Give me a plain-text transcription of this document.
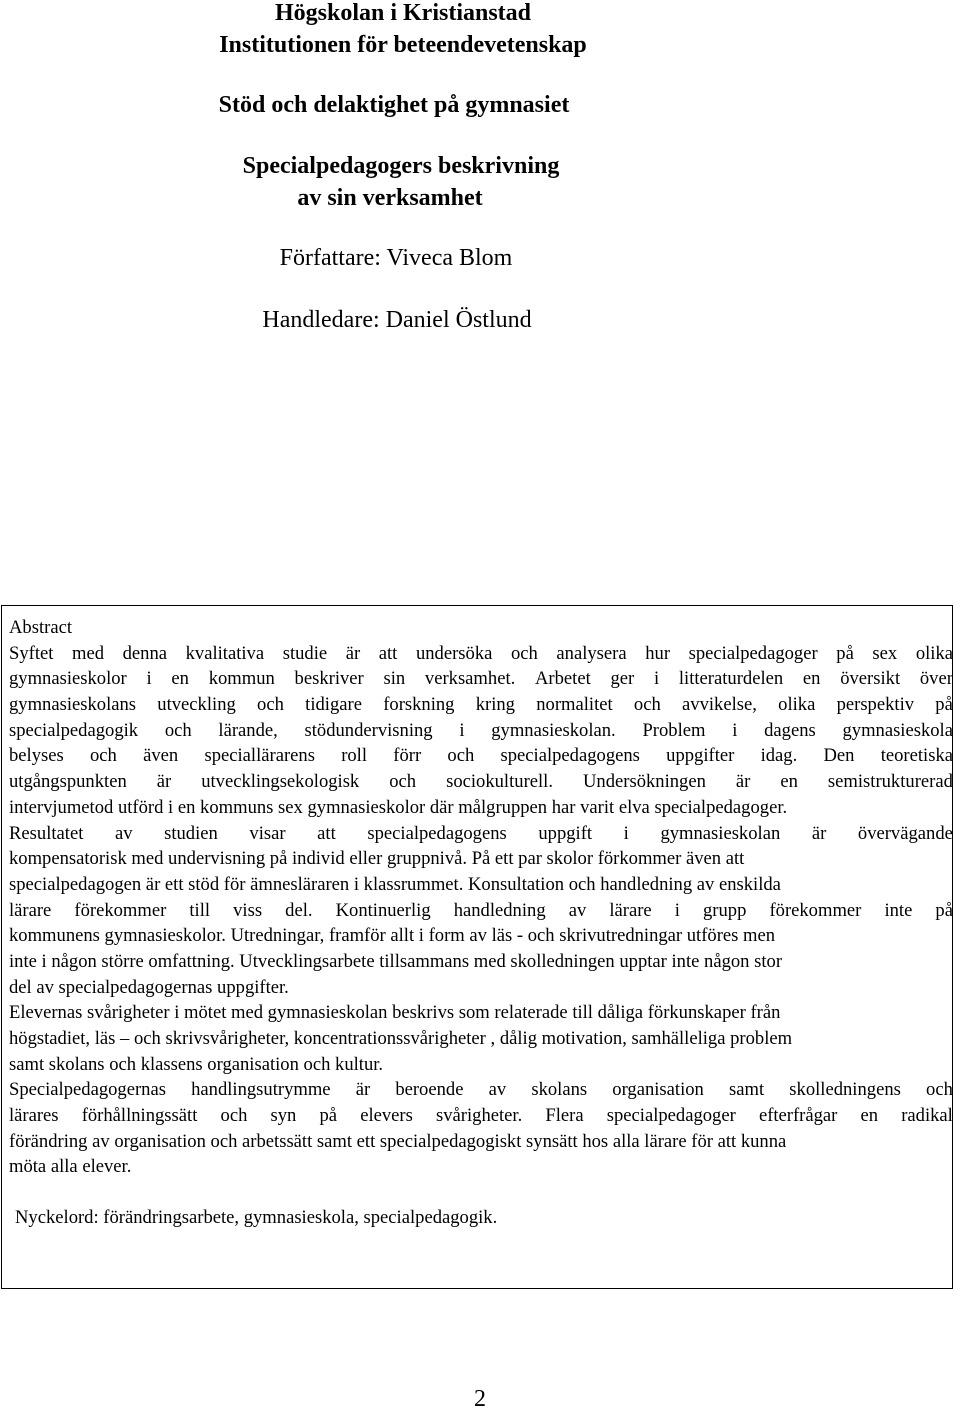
Högskolan i Kristianstad
Institutionen för beteendevetenskap
Stöd och delaktighet på gymnasiet
Specialpedagogers beskrivning
av sin verksamhet
Författare: Viveca Blom
Handledare: Daniel Östlund
Abstract
Syftet med denna kvalitativa studie är att undersöka och analysera hur specialpedagoger på sex olika
gymnasieskolor i en kommun beskriver sin verksamhet. Arbetet ger i litteraturdelen en översikt över
gymnasieskolans utveckling och tidigare forskning kring normalitet och avvikelse, olika perspektiv på
specialpedagogik och lärande, stödundervisning i gymnasieskolan. Problem i dagens gymnasieskola
belyses och även speciallärarens roll förr och specialpedagogens uppgifter idag. Den teoretiska
utgångspunkten är utvecklingsekologisk och sociokulturell. Undersökningen är en semistrukturerad
intervjumetod utförd i en kommuns sex gymnasieskolor där målgruppen har varit elva specialpedagoger.
Resultatet av studien visar att specialpedagogens uppgift i gymnasieskolan är övervägande
kompensatorisk med undervisning på individ eller gruppnivå. På ett par skolor förkommer även att
specialpedagogen är ett stöd för ämnesläraren i klassrummet. Konsultation och handledning av enskilda
lärare förekommer till viss del. Kontinuerlig handledning av lärare i grupp förekommer inte på
kommunens gymnasieskolor. Utredningar, framför allt i form av läs - och skrivutredningar utföres men
inte i någon större omfattning. Utvecklingsarbete tillsammans med skolledningen upptar inte någon stor
del av specialpedagogernas uppgifter.
Elevernas svårigheter i mötet med gymnasieskolan beskrivs som relaterade till dåliga förkunskaper från
högstadiet, läs – och skrivsvårigheter, koncentrationssvårigheter , dålig motivation, samhälleliga problem
samt skolans och klassens organisation och kultur.
Specialpedagogernas handlingsutrymme är beroende av skolans organisation samt skolledningens och
lärares förhållningssätt och syn på elevers svårigheter. Flera specialpedagoger efterfrågar en radikal
förändring av organisation och arbetssätt samt ett specialpedagogiskt synsätt hos alla lärare för att kunna
möta alla elever.
Nyckelord: förändringsarbete, gymnasieskola, specialpedagogik.
2
